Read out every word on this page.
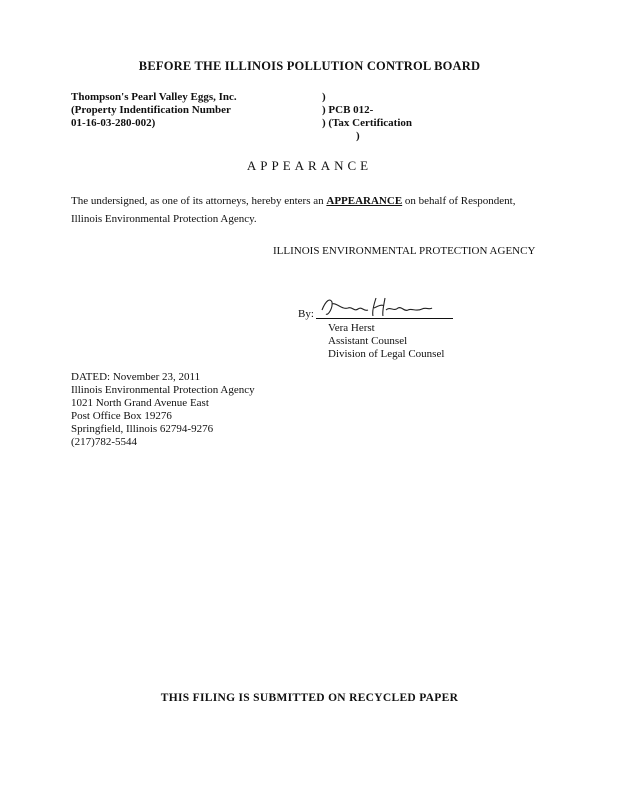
BEFORE THE ILLINOIS POLLUTION CONTROL BOARD
Thompson's Pearl Valley Eggs, Inc.
(Property Indentification Number
01-16-03-280-002)
)
) PCB 012-
) (Tax Certification
)
APPEARANCE
The undersigned, as one of its attorneys, hereby enters an APPEARANCE on behalf of Respondent,
Illinois Environmental Protection Agency.
ILLINOIS ENVIRONMENTAL PROTECTION AGENCY
By:
Vera Herst
Assistant Counsel
Division of Legal Counsel
DATED: November 23, 2011
Illinois Environmental Protection Agency
1021 North Grand Avenue East
Post Office Box 19276
Springfield, Illinois 62794-9276
(217)782-5544
THIS FILING IS SUBMITTED ON RECYCLED PAPER
